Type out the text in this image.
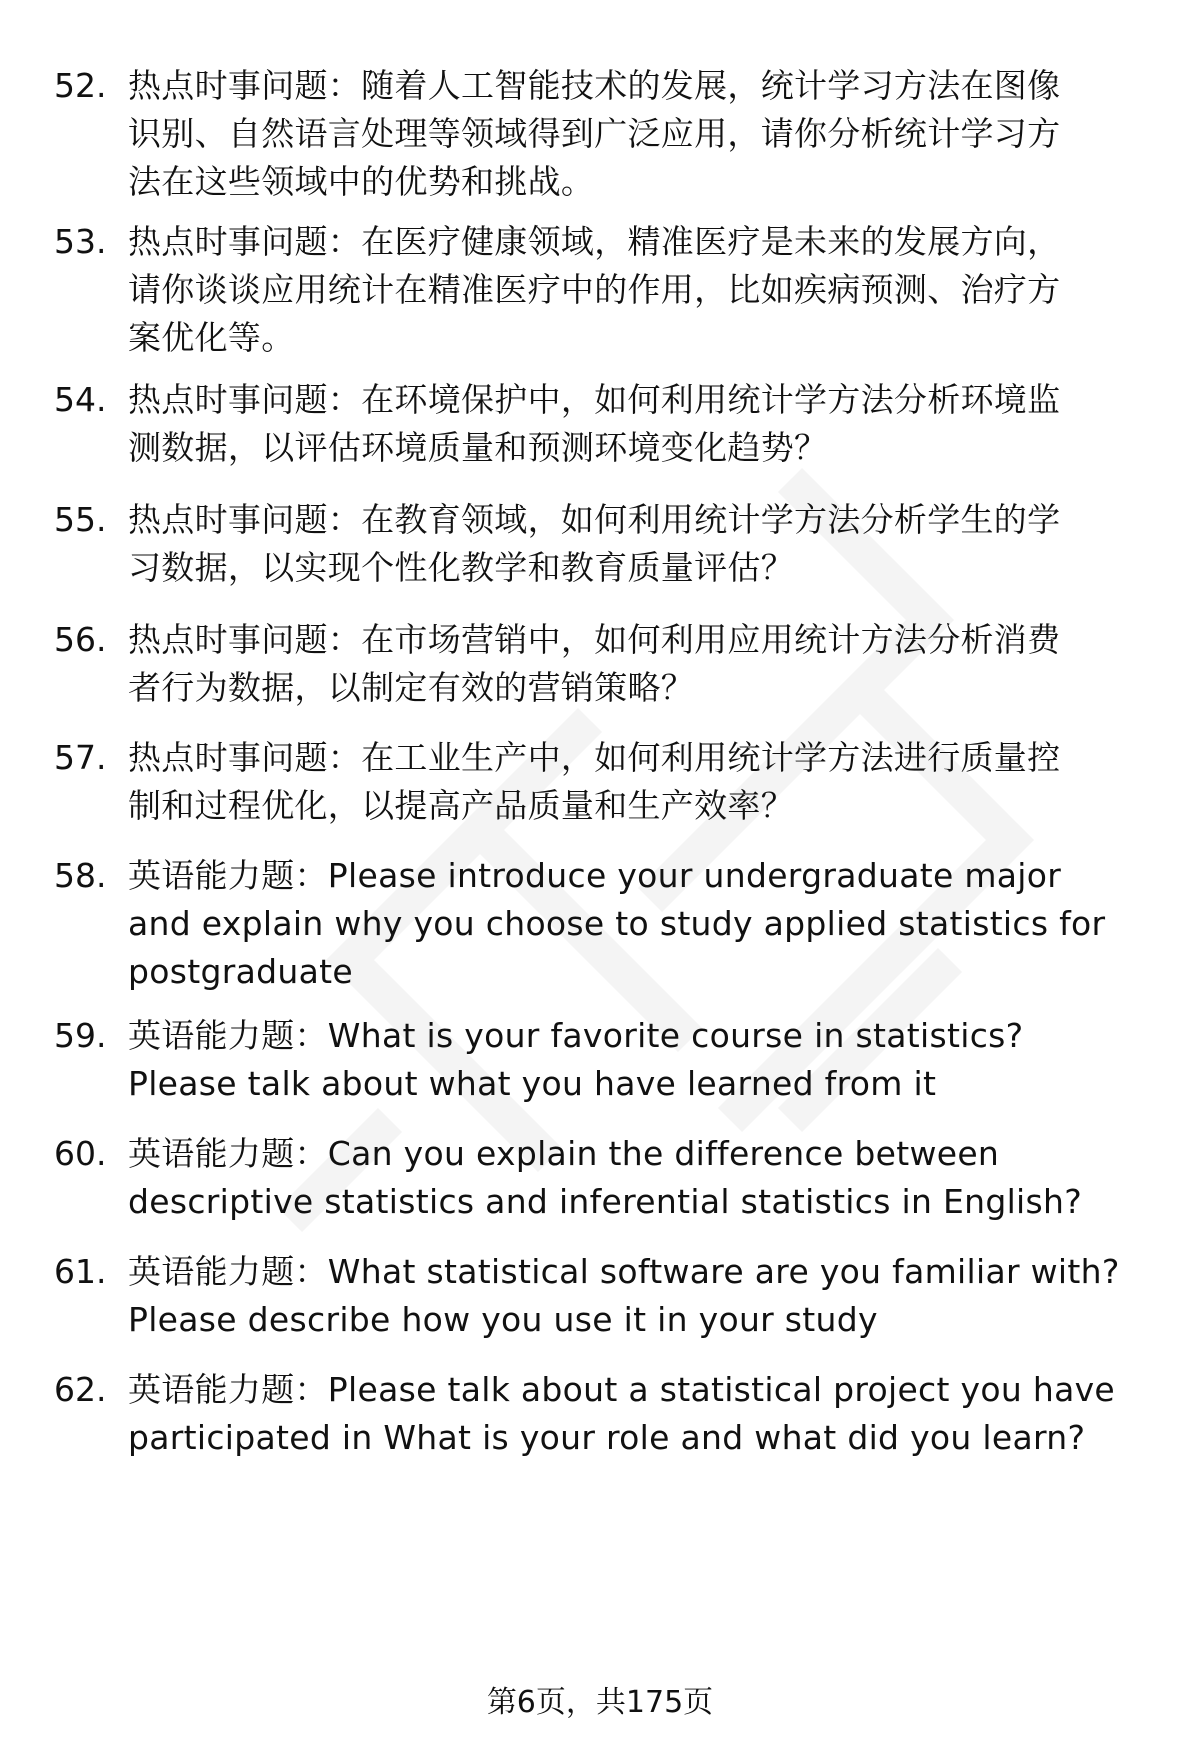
52. 热点时事问题：随着人工智能技术的发展，统计学习方法在图像
识别、自然语言处理等领域得到广泛应用，请你分析统计学习方
法在这些领域中的优势和挑战。
53. 热点时事问题：在医疗健康领域，精准医疗是未来的发展方向，
请你谈谈应用统计在精准医疗中的作用，比如疾病预测、治疗方
案优化等。
54. 热点时事问题：在环境保护中，如何利用统计学方法分析环境监
测数据，以评估环境质量和预测环境变化趋势？
55. 热点时事问题：在教育领域，如何利用统计学方法分析学生的学
习数据，以实现个性化教学和教育质量评估？
56. 热点时事问题：在市场营销中，如何利用应用统计方法分析消费
者行为数据，以制定有效的营销策略？
57. 热点时事问题：在工业生产中，如何利用统计学方法进行质量控
制和过程优化，以提高产品质量和生产效率？
58. 英语能力题：Please introduce your undergraduate major
and explain why you choose to study applied statistics for
postgraduate
59. 英语能力题：What is your favorite course in statistics?
Please talk about what you have learned from it
60. 英语能力题：Can you explain the difference between
descriptive statistics and inferential statistics in English?
61. 英语能力题：What statistical software are you familiar with?
Please describe how you use it in your study
62. 英语能力题：Please talk about a statistical project you have
participated in What is your role and what did you learn?
第6页，共175页
